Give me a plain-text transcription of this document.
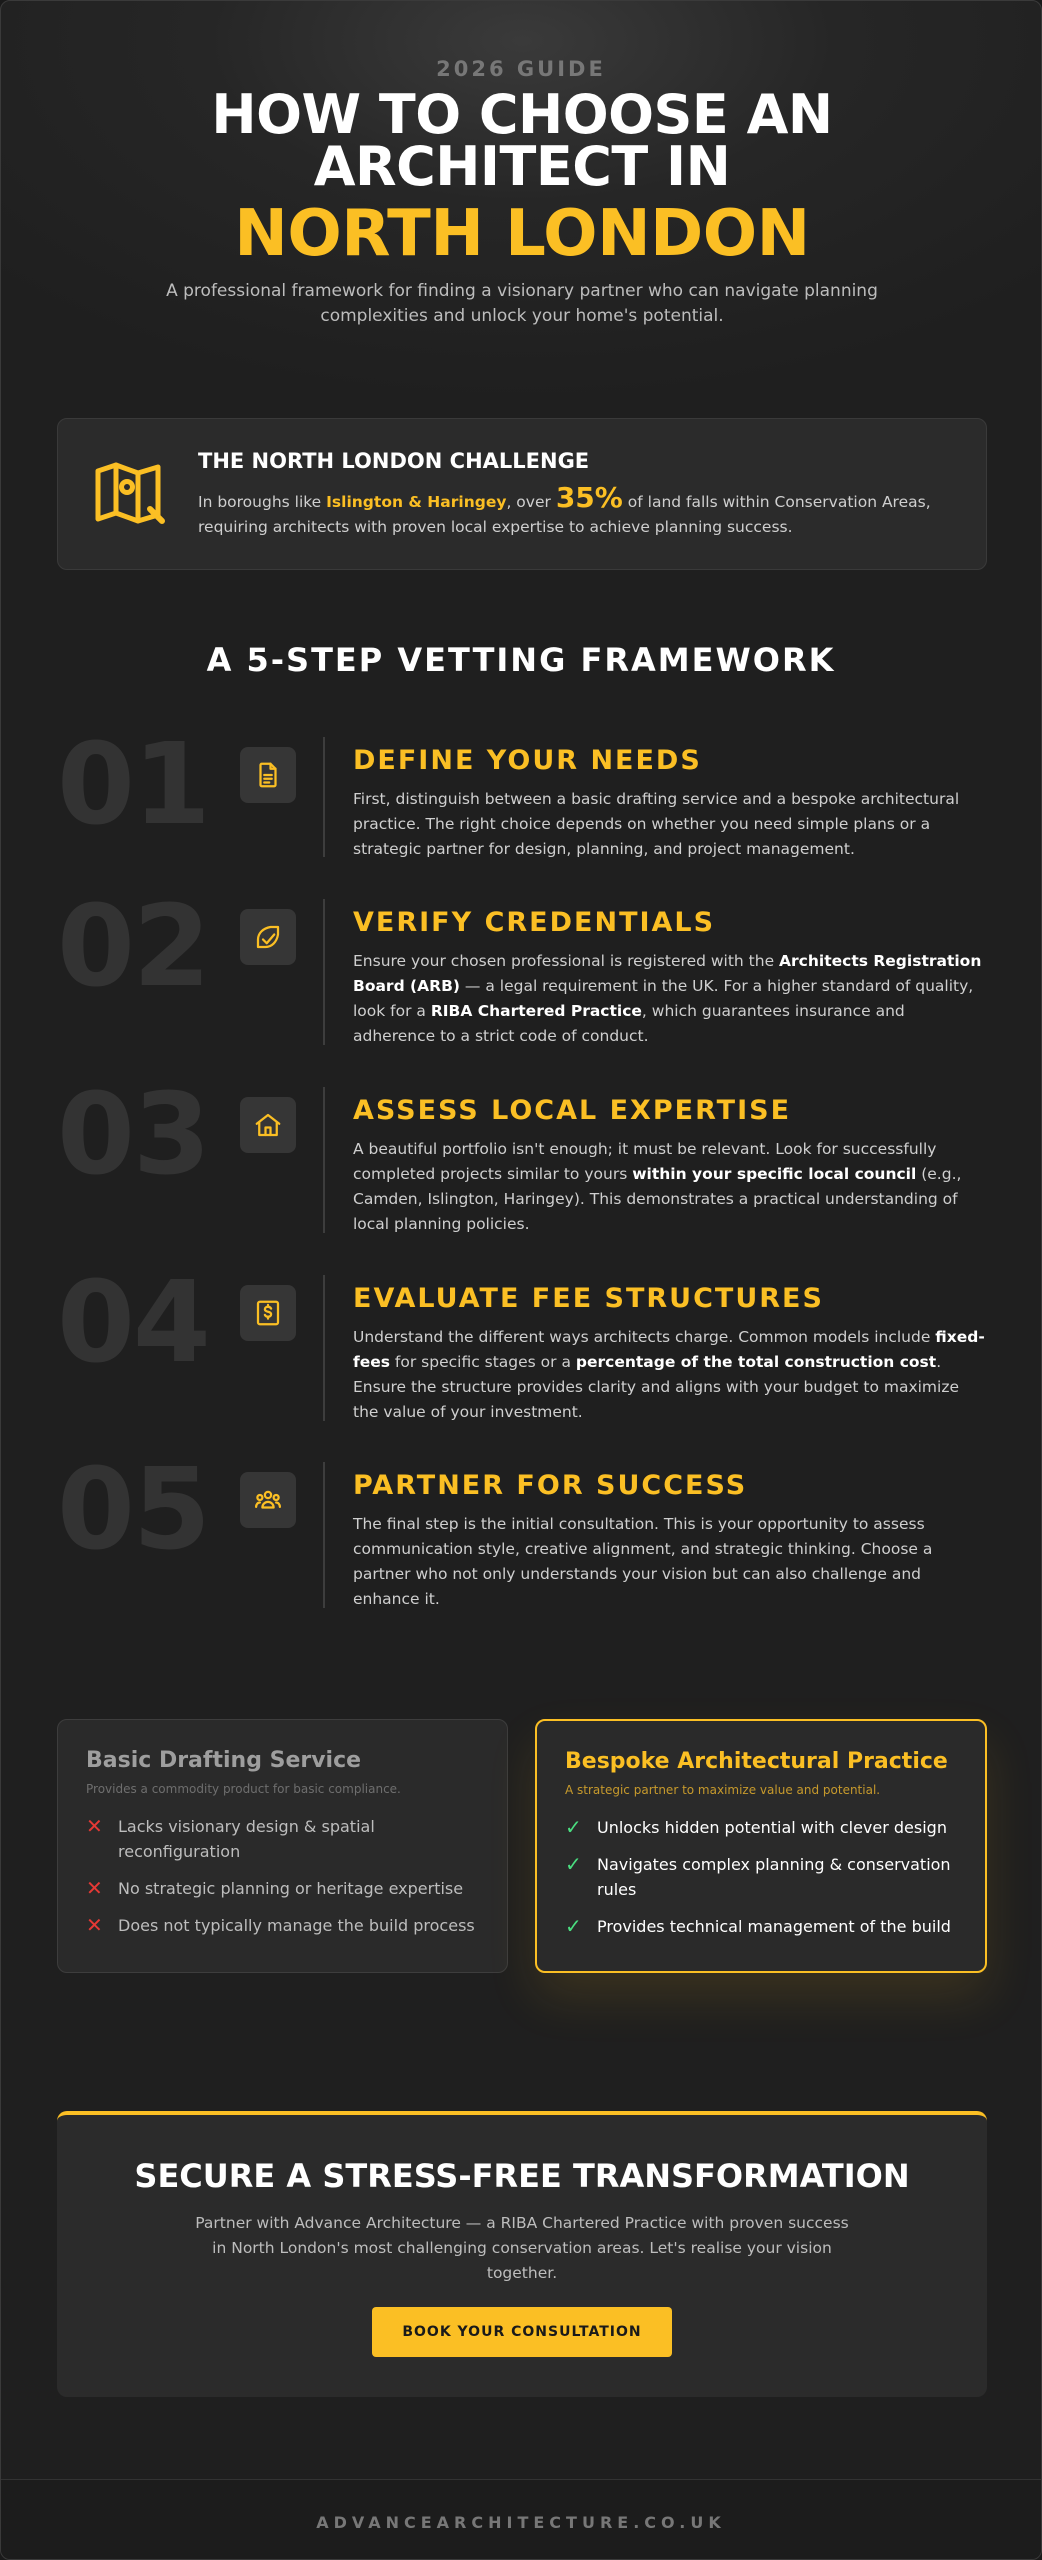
2026 GUIDE
HOW TO CHOOSE AN ARCHITECT IN
NORTH LONDON

A professional framework for finding a visionary partner who can navigate planning complexities and unlock your home's potential.

THE NORTH LONDON CHALLENGE

In boroughs like Islington & Haringey, over 35% of land falls within Conservation Areas, requiring architects with proven local expertise to achieve planning success.

A 5-STEP VETTING FRAMEWORK
01	DEFINE YOUR NEEDS

First, distinguish between a basic drafting service and a bespoke architectural practice. The right choice depends on whether you need simple plans or a strategic partner for design, planning, and project management.

02	VERIFY CREDENTIALS

Ensure your chosen professional is registered with the Architects Registration Board (ARB) — a legal requirement in the UK. For a higher standard of quality, look for a RIBA Chartered Practice, which guarantees insurance and adherence to a strict code of conduct.

03	ASSESS LOCAL EXPERTISE

A beautiful portfolio isn't enough; it must be relevant. Look for successfully completed projects similar to yours within your specific local council (e.g., Camden, Islington, Haringey). This demonstrates a practical understanding of local planning policies.

04	EVALUATE FEE STRUCTURES

Understand the different ways architects charge. Common models include fixed-fees for specific stages or a percentage of the total construction cost. Ensure the structure provides clarity and aligns with your budget to maximize the value of your investment.

05	PARTNER FOR SUCCESS

The final step is the initial consultation. This is your opportunity to assess communication style, creative alignment, and strategic thinking. Choose a partner who not only understands your vision but can also challenge and enhance it.

Basic Drafting Service
Provides a commodity product for basic compliance.
✕ Lacks visionary design & spatial reconfiguration
✕ No strategic planning or heritage expertise
✕ Does not typically manage the build process
Bespoke Architectural Practice
A strategic partner to maximize value and potential.
✓ Unlocks hidden potential with clever design
✓ Navigates complex planning & conservation rules
✓ Provides technical management of the build
SECURE A STRESS-FREE TRANSFORMATION

Partner with Advance Architecture — a RIBA Chartered Practice with proven success in North London's most challenging conservation areas. Let's realise your vision together.

BOOK YOUR CONSULTATION
ADVANCEARCHITECTURE.CO.UK
